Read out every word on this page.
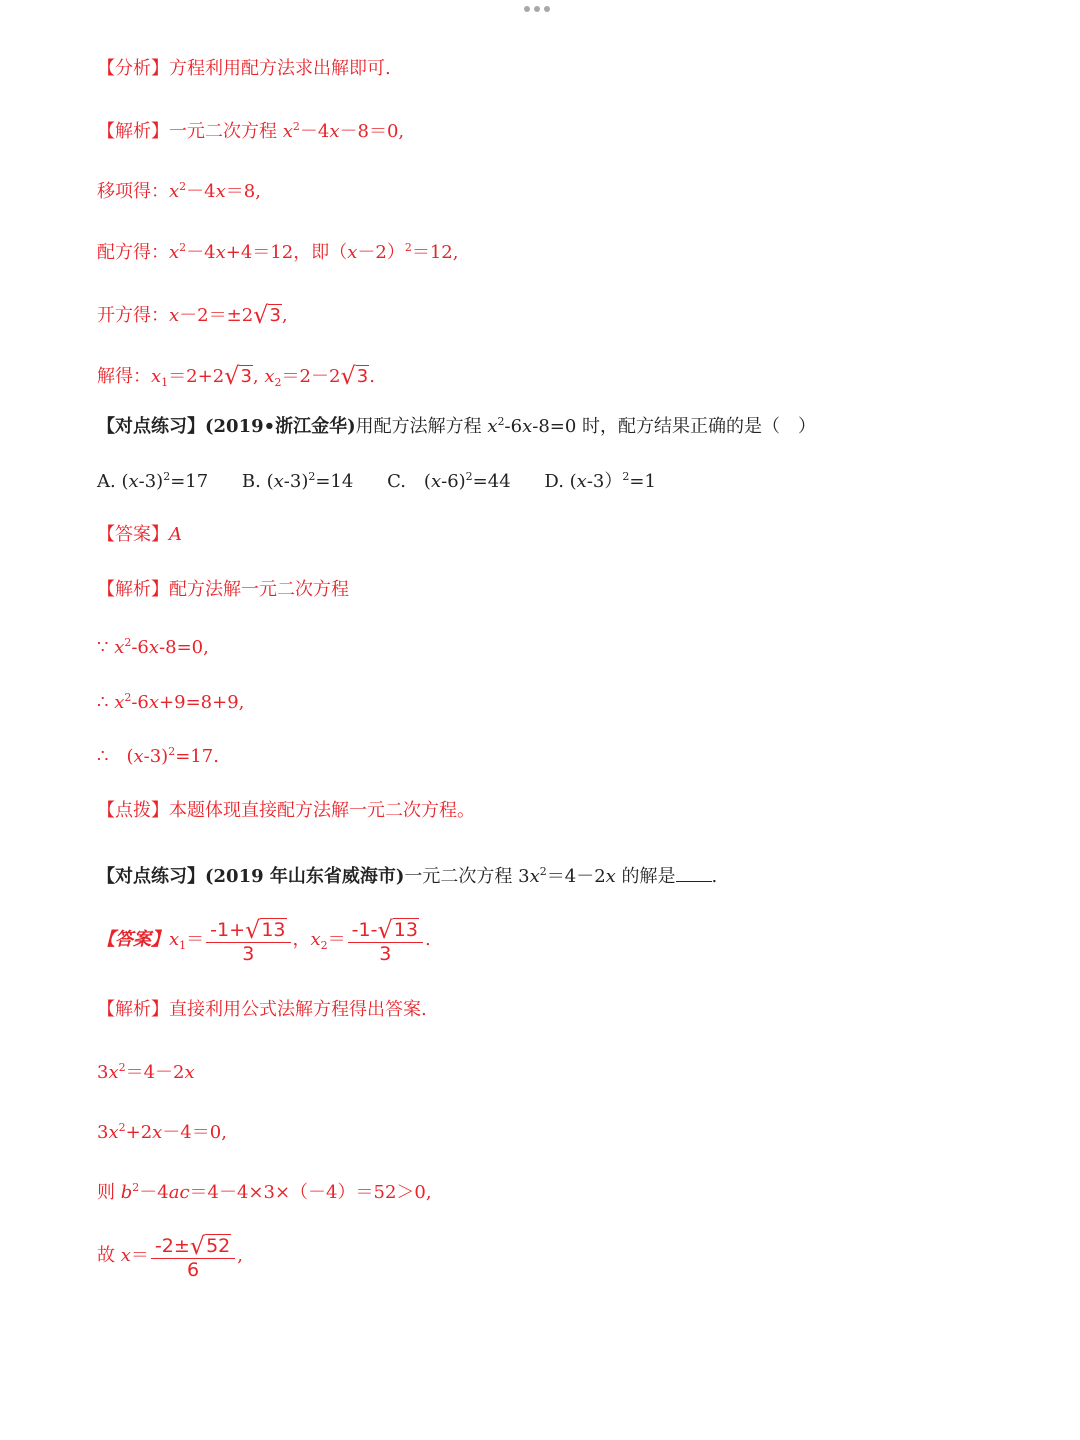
【分析】方程利用配方法求出解即可.
【解析】一元二次方程 $x^2-4x-8=0$,
移项得：$x^2-4x=8$,
配方得：$x^2-4x+4=12$，即$(x-2)^2=12$,
开方得：x－2＝±2√3,
解得：$x_1=2+2√3$, $x_2=2-2√3$.
【对点练习】(2019•浙江金华)用配方法解方程 $x^2-6x-8=0$ 时，配方结果正确的是（　）
A. $(x-3)^2=17$ B. $(x-3)^2=14$ C.　$(x-6)^2=44$ D. (x-3）$^2$=1
【答案】A
【解析】配方法解一元二次方程
∵ $x^2-6x-8=0$,
∴ $x^2-6x+9=8+9$,
∴　$(x-3)^2=17$.
【点拨】本题体现直接配方法解一元二次方程。
【对点练习】(2019 年山东省威海市)一元二次方程 $3x^2=4-2x$ 的解是 .
【答案】$x_1= \frac{-1+√13}{3}$ ，$x_2= \frac{-1-√13}{3}$ .
【解析】直接利用公式法解方程得出答案.
$3x^2=4-2x$
$3x^2+2x-4=0$,
则 $b^2-4ac=4-4\times 3\times(-4)=52>0$,
故 $x= \frac{-2\pm√52}{6}$ ,
